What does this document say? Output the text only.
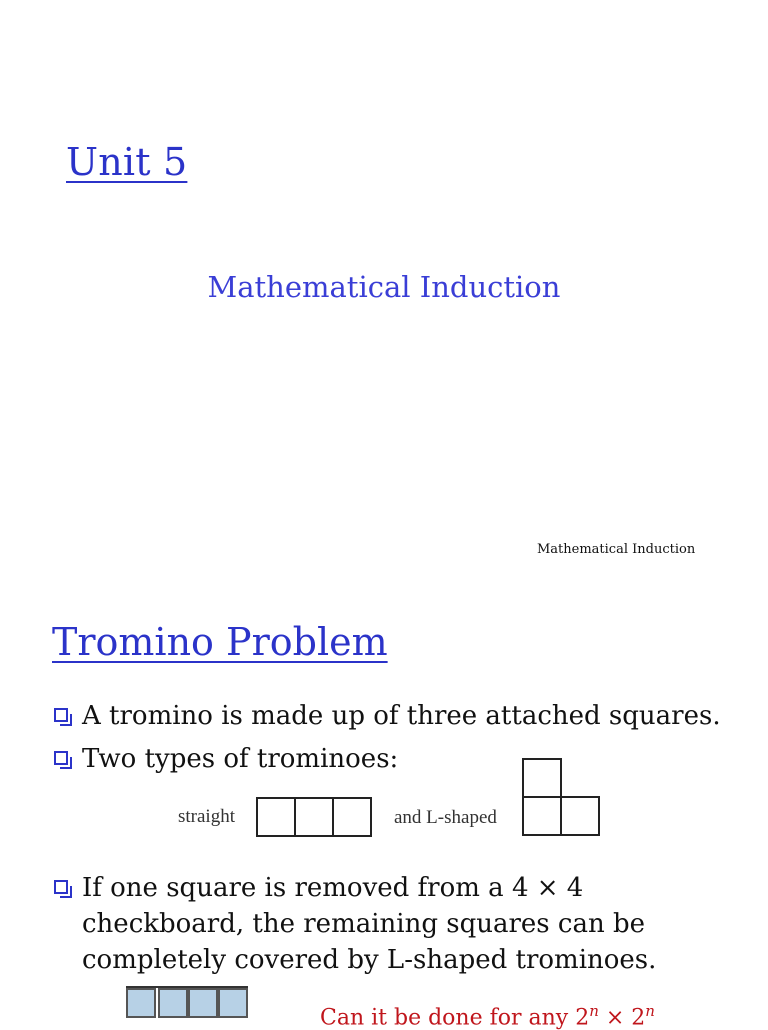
Unit 5
Mathematical Induction
Mathematical Induction
Tromino Problem
A tromino is made up of three attached squares.
Two types of trominoes:
straight	and L-shaped
If one square is removed from a 4 × 4 checkboard, the remaining squares can be completely covered by L-shaped trominoes.
Can it be done for any $2^n \times 2^n$
